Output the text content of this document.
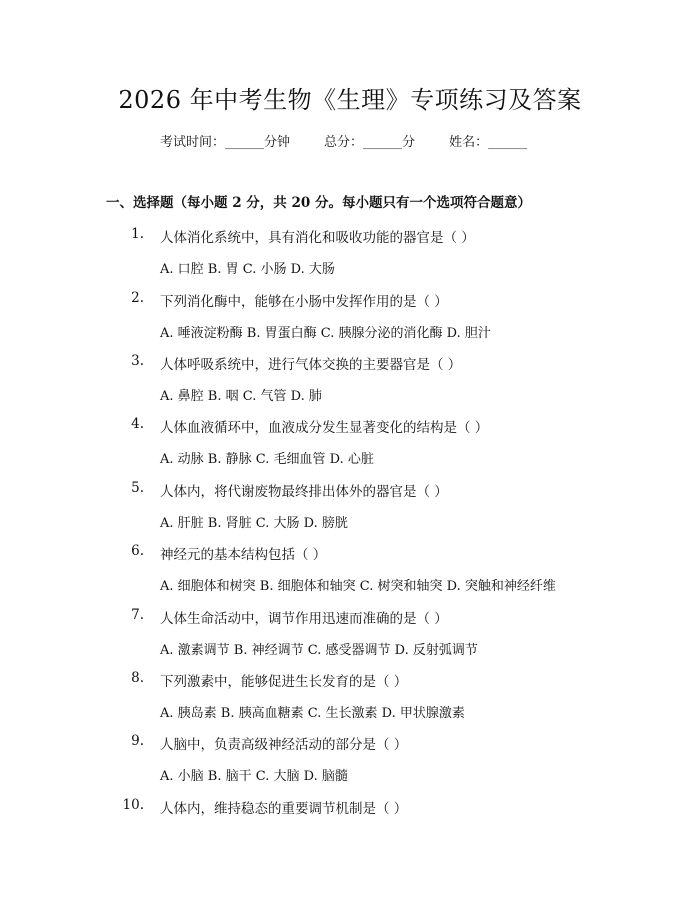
2026 年中考生物《生理》专项练习及答案
考试时间：______分钟	总分：______分	姓名：______
一、选择题（每小题 2 分，共 20 分。每小题只有一个选项符合题意）
1. 人体消化系统中，具有消化和吸收功能的器官是（ ）
A. 口腔 B. 胃 C. 小肠 D. 大肠
2. 下列消化酶中，能够在小肠中发挥作用的是（ ）
A. 唾液淀粉酶 B. 胃蛋白酶 C. 胰腺分泌的消化酶 D. 胆汁
3. 人体呼吸系统中，进行气体交换的主要器官是（ ）
A. 鼻腔 B. 咽 C. 气管 D. 肺
4. 人体血液循环中，血液成分发生显著变化的结构是（ ）
A. 动脉 B. 静脉 C. 毛细血管 D. 心脏
5. 人体内，将代谢废物最终排出体外的器官是（ ）
A. 肝脏 B. 肾脏 C. 大肠 D. 膀胱
6. 神经元的基本结构包括（ ）
A. 细胞体和树突 B. 细胞体和轴突 C. 树突和轴突 D. 突触和神经纤维
7. 人体生命活动中，调节作用迅速而准确的是（ ）
A. 激素调节 B. 神经调节 C. 感受器调节 D. 反射弧调节
8. 下列激素中，能够促进生长发育的是（ ）
A. 胰岛素 B. 胰高血糖素 C. 生长激素 D. 甲状腺激素
9. 人脑中，负责高级神经活动的部分是（ ）
A. 小脑 B. 脑干 C. 大脑 D. 脑髓
10. 人体内，维持稳态的重要调节机制是（ ）
